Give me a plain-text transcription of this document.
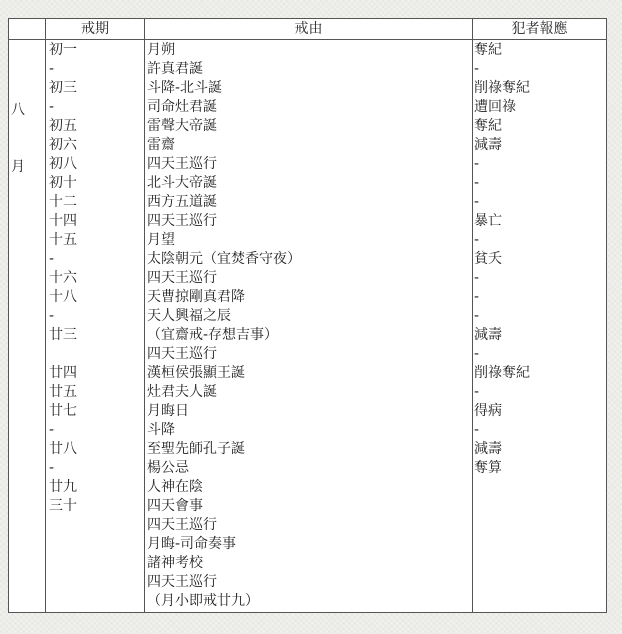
戒期	戒由	犯者報應
八
月
初一
-
初三
-
初五
初六
初八
初十
十二
十四
十五
-
十六
十八
-
廿三
廿四
廿五
廿七
-
廿八
-
廿九
三十
月朔
許真君誕
斗降-北斗誕
司命灶君誕
雷聲大帝誕
雷齋
四天王巡行
北斗大帝誕
西方五道誕
四天王巡行
月望
太陰朝元（宜焚香守夜）
四天王巡行
天曹掠剛真君降
天人興福之辰
（宜齋戒-存想吉事）
四天王巡行
漢桓侯張顯王誕
灶君夫人誕
月晦日
斗降
至聖先師孔子誕
楊公忌
人神在陰
四天會事
四天王巡行
月晦-司命奏事
諸神考校
四天王巡行
（月小即戒廿九）
奪紀
-
削祿奪紀
遭回祿
奪紀
減壽
-
-
-
暴亡
-
貧夭
-
-
-
減壽
-
削祿奪紀
-
得病
-
減壽
奪算
